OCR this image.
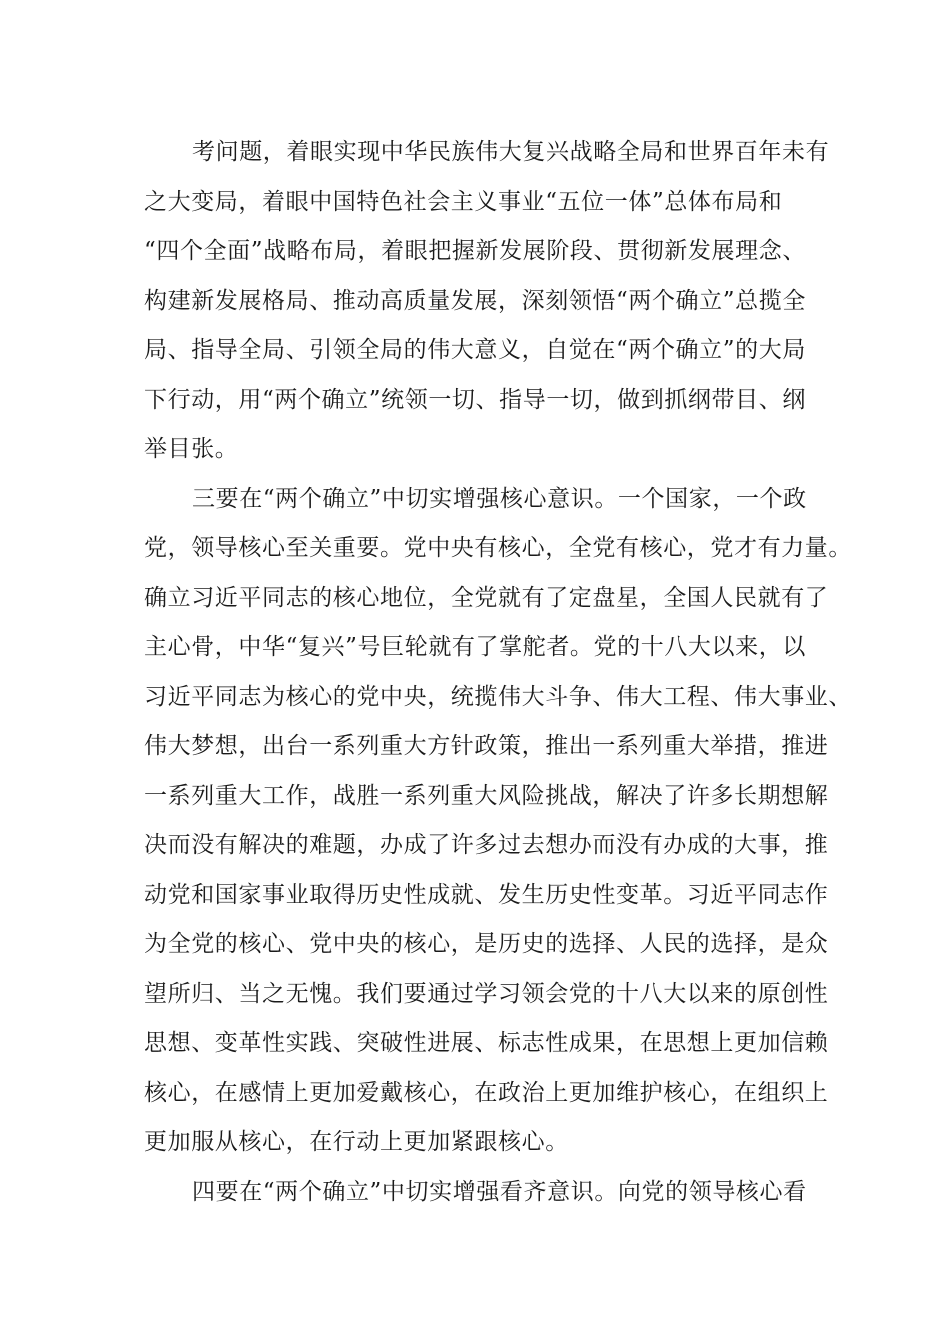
考问题，着眼实现中华民族伟大复兴战略全局和世界百年未有
之大变局，着眼中国特色社会主义事业“五位一体”总体布局和
“四个全面”战略布局，着眼把握新发展阶段、贯彻新发展理念、
构建新发展格局、推动高质量发展，深刻领悟“两个确立”总揽全
局、指导全局、引领全局的伟大意义，自觉在“两个确立”的大局
下行动，用“两个确立”统领一切、指导一切，做到抓纲带目、纲
举目张。
三要在“两个确立”中切实增强核心意识。一个国家，一个政
党，领导核心至关重要。党中央有核心，全党有核心，党才有力量。
确立习近平同志的核心地位，全党就有了定盘星，全国人民就有了
主心骨，中华“复兴”号巨轮就有了掌舵者。党的十八大以来，以
习近平同志为核心的党中央，统揽伟大斗争、伟大工程、伟大事业、
伟大梦想，出台一系列重大方针政策，推出一系列重大举措，推进
一系列重大工作，战胜一系列重大风险挑战，解决了许多长期想解
决而没有解决的难题，办成了许多过去想办而没有办成的大事，推
动党和国家事业取得历史性成就、发生历史性变革。习近平同志作
为全党的核心、党中央的核心，是历史的选择、人民的选择，是众
望所归、当之无愧。我们要通过学习领会党的十八大以来的原创性
思想、变革性实践、突破性进展、标志性成果，在思想上更加信赖
核心，在感情上更加爱戴核心，在政治上更加维护核心，在组织上
更加服从核心，在行动上更加紧跟核心。
四要在“两个确立”中切实增强看齐意识。向党的领导核心看
